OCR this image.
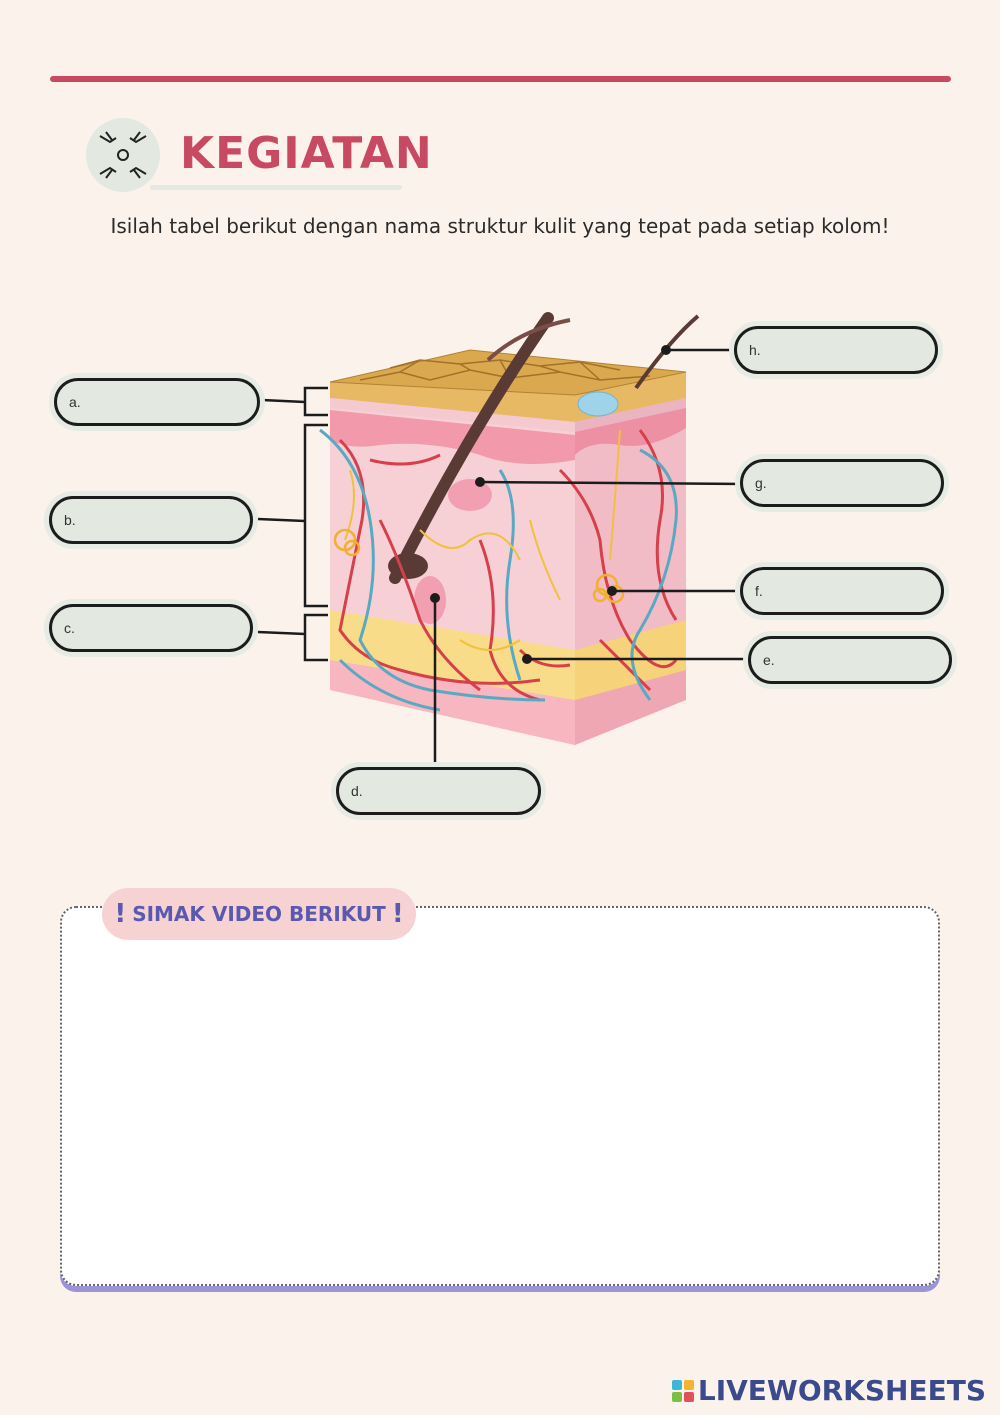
KEGIATAN
Isilah tabel berikut dengan nama struktur kulit yang tepat pada setiap kolom!
a.
b.
c.
d.
e.
f.
g.
h.
! SIMAK VIDEO BERIKUT !
LIVEWORKSHEETS
